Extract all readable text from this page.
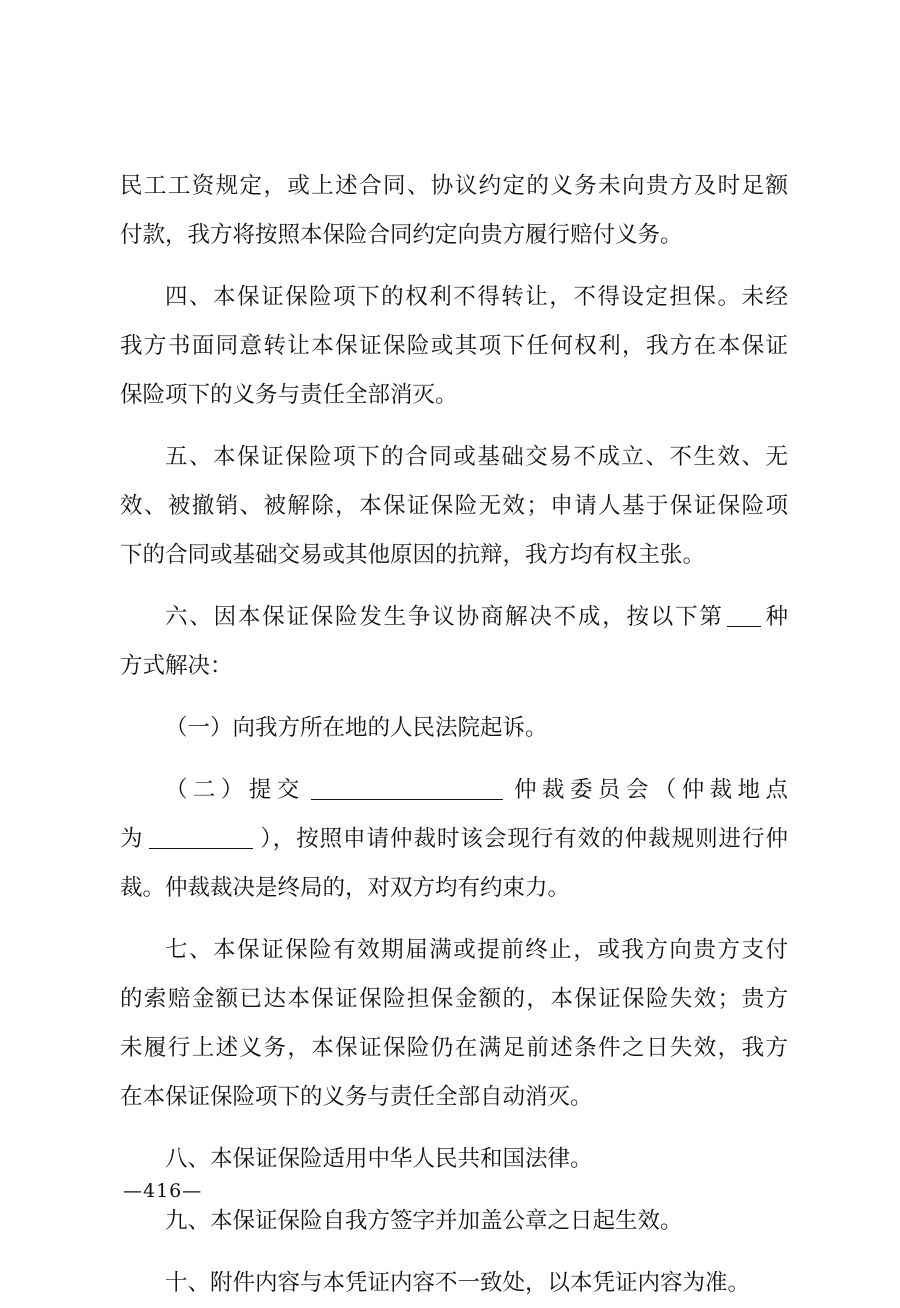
民工工资规定，或上述合同、协议约定的义务未向贵方及时足额
付款，我方将按照本保险合同约定向贵方履行赔付义务。
四、本保证保险项下的权利不得转让，不得设定担保。未经
我方书面同意转让本保证保险或其项下任何权利，我方在本保证
保险项下的义务与责任全部消灭。
五、本保证保险项下的合同或基础交易不成立、不生效、无
效、被撤销、被解除，本保证保险无效；申请人基于保证保险项
下的合同或基础交易或其他原因的抗辩，我方均有权主张。
六、因本保证保险发生争议协商解决不成，按以下第 种
方式解决：
（一）向我方所在地的人民法院起诉。
（二）提交	仲裁委员会（仲裁地点
为	），按照申请仲裁时该会现行有效的仲裁规则进行仲
裁。仲裁裁决是终局的，对双方均有约束力。
七、本保证保险有效期届满或提前终止，或我方向贵方支付
的索赔金额已达本保证保险担保金额的，本保证保险失效；贵方
未履行上述义务，本保证保险仍在满足前述条件之日失效，我方
在本保证保险项下的义务与责任全部自动消灭。
八、本保证保险适用中华人民共和国法律。
九、本保证保险自我方签字并加盖公章之日起生效。
十、附件内容与本凭证内容不一致处，以本凭证内容为准。
—416—
